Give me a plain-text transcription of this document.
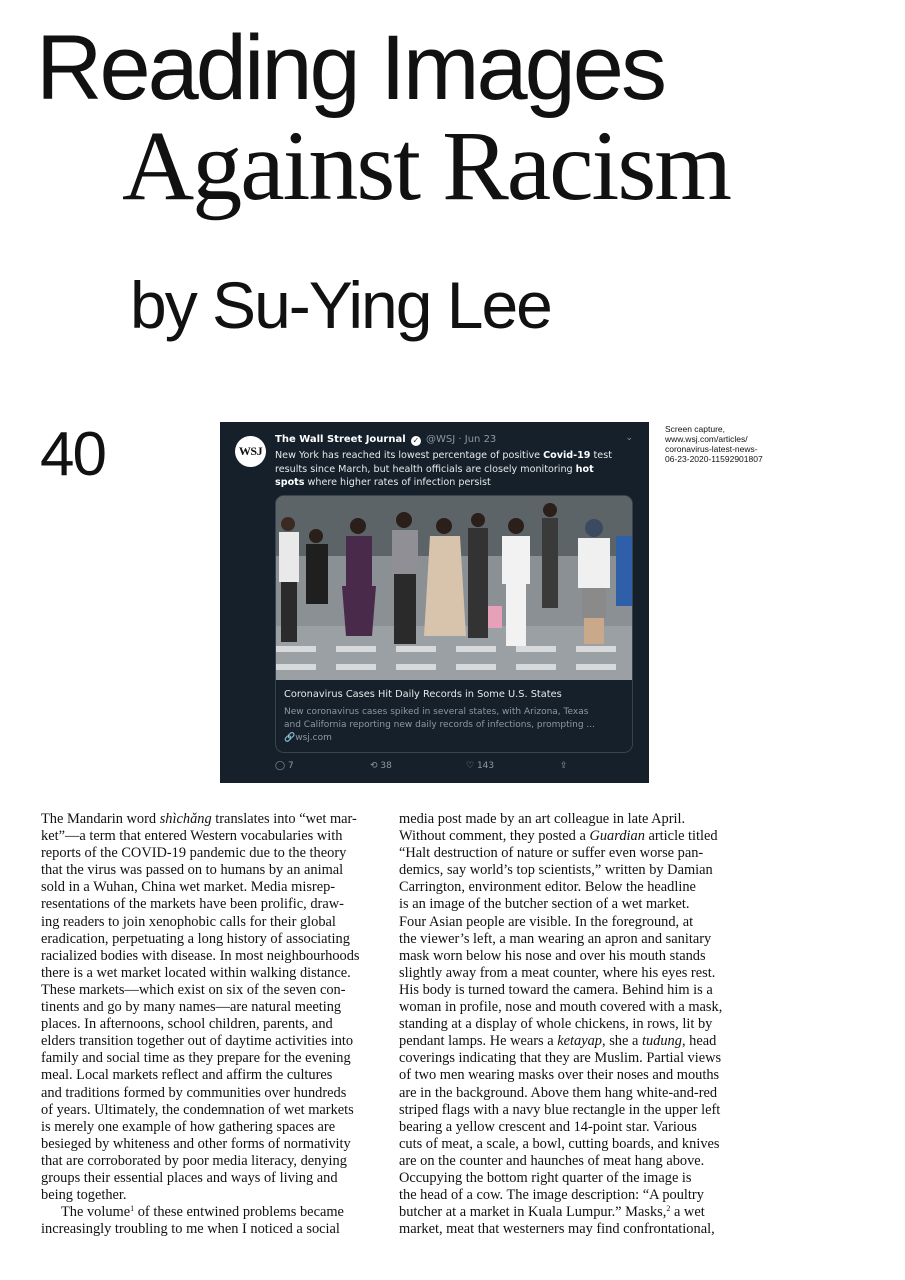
Reading Images
Against Racism
by Su-Ying Lee
40	Screen capture,
www.wsj.com/articles/
coronavirus-latest-news-
06-23-2020-11592901807
WSJ
The Wall Street Journal ✓ @WSJ · Jun 23	⌄
New York has reached its lowest percentage of positive Covid-19 test
results since March, but health officials are closely monitoring hot
spots where higher rates of infection persist
Coronavirus Cases Hit Daily Records in Some U.S. States
New coronavirus cases spiked in several states, with Arizona, Texas
and California reporting new daily records of infections, prompting ...
🔗wsj.com
◯ 7	⟲ 38	♡ 143	⇪
The Mandarin word shìchǎng translates into “wet mar-
ket”—a term that entered Western vocabularies with
reports of the COVID-19 pandemic due to the theory
that the virus was passed on to humans by an animal
sold in a Wuhan, China wet market. Media misrep-
resentations of the markets have been prolific, draw-
ing readers to join xenophobic calls for their global
eradication, perpetuating a long history of associating
racialized bodies with disease. In most neighbourhoods
there is a wet market located within walking distance.
These markets—which exist on six of the seven con-
tinents and go by many names—are natural meeting
places. In afternoons, school children, parents, and
elders transition together out of daytime activities into
family and social time as they prepare for the evening
meal. Local markets reflect and affirm the cultures
and traditions formed by communities over hundreds
of years. Ultimately, the condemnation of wet markets
is merely one example of how gathering spaces are
besieged by whiteness and other forms of normativity
that are corroborated by poor media literacy, denying
groups their essential places and ways of living and
being together.
The volume$^1$ of these entwined problems became
increasingly troubling to me when I noticed a social
media post made by an art colleague in late April.
Without comment, they posted a Guardian article titled
“Halt destruction of nature or suffer even worse pan-
demics, say world’s top scientists,” written by Damian
Carrington, environment editor. Below the headline
is an image of the butcher section of a wet market.
Four Asian people are visible. In the foreground, at
the viewer’s left, a man wearing an apron and sanitary
mask worn below his nose and over his mouth stands
slightly away from a meat counter, where his eyes rest.
His body is turned toward the camera. Behind him is a
woman in profile, nose and mouth covered with a mask,
standing at a display of whole chickens, in rows, lit by
pendant lamps. He wears a ketayap, she a tudung, head
coverings indicating that they are Muslim. Partial views
of two men wearing masks over their noses and mouths
are in the background. Above them hang white-and-red
striped flags with a navy blue rectangle in the upper left
bearing a yellow crescent and 14-point star. Various
cuts of meat, a scale, a bowl, cutting boards, and knives
are on the counter and haunches of meat hang above.
Occupying the bottom right quarter of the image is
the head of a cow. The image description: “A poultry
butcher at a market in Kuala Lumpur.” Masks,$^2$ a wet
market, meat that westerners may find confrontational,
